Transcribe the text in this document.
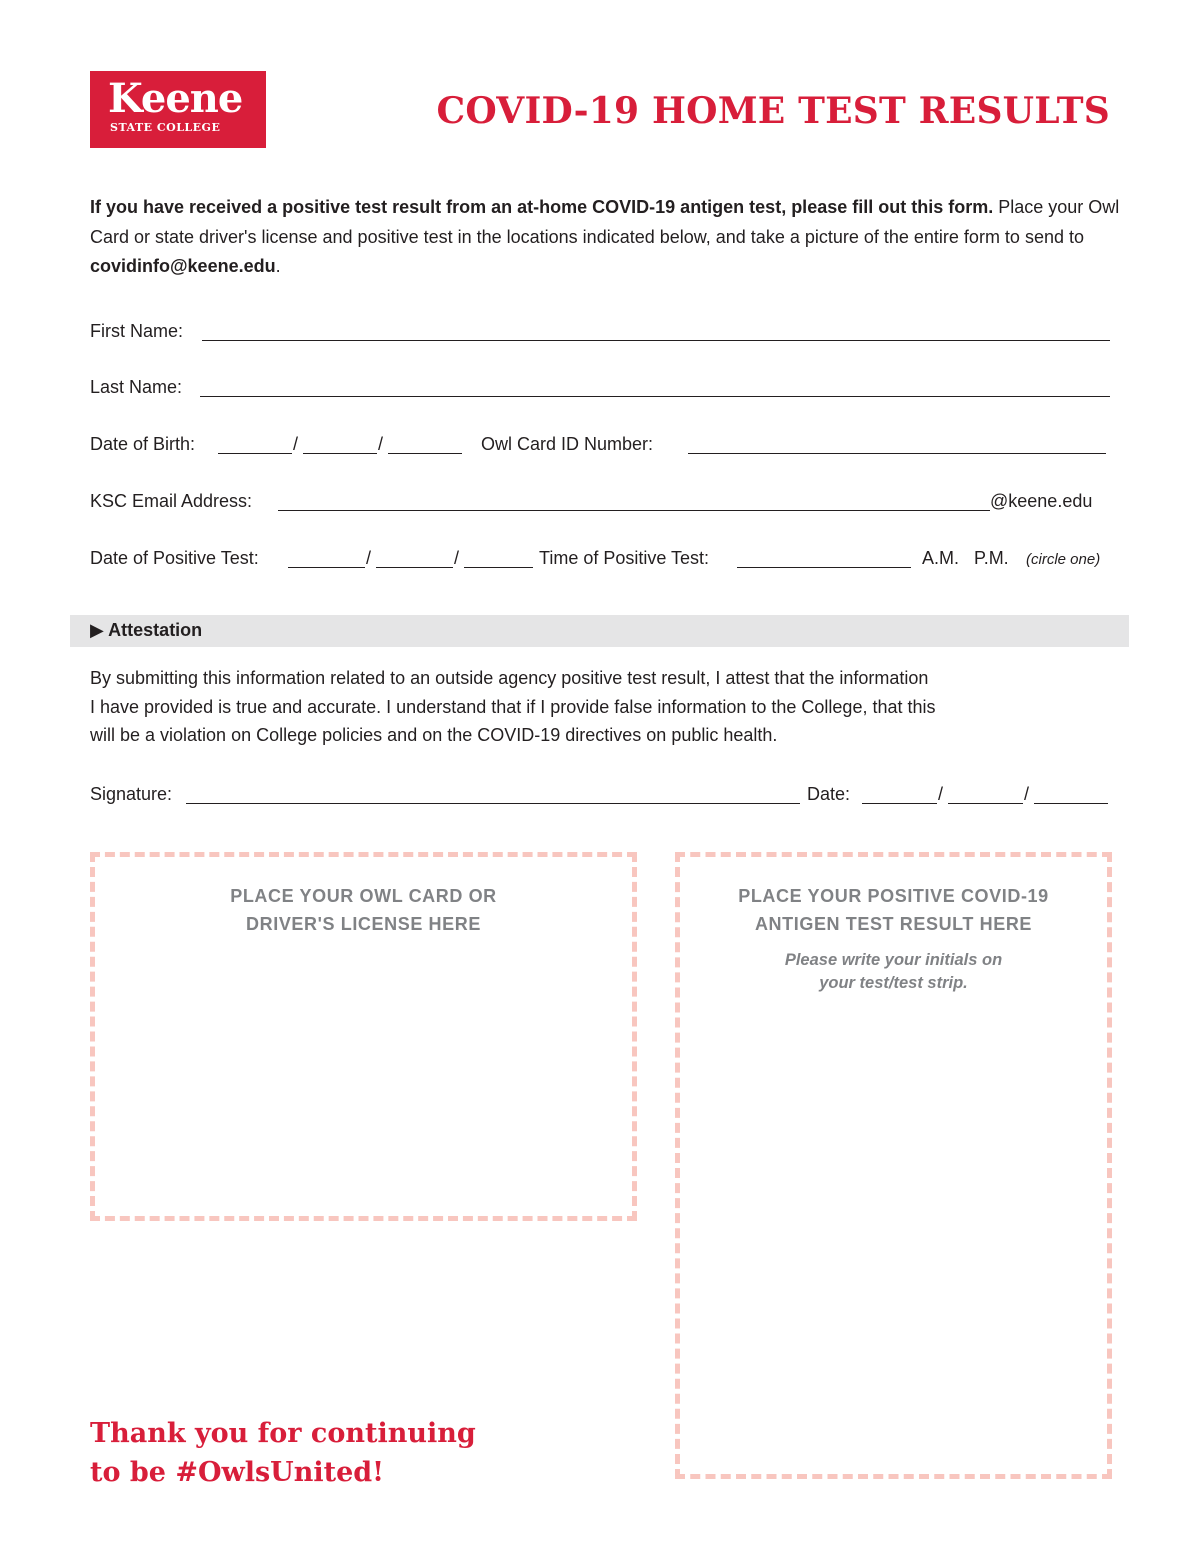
Keene
STATE COLLEGE	COVID-19 HOME TEST RESULTS

If you have received a positive test result from an at-home COVID-19 antigen test, please fill out this form. Place your Owl Card or state driver's license and positive test in the locations indicated below, and take a picture of the entire form to send to covidinfo@keene.edu.

First Name:
Last Name:
Date of Birth:	/	/	Owl Card ID Number:
KSC Email Address:	@keene.edu
Date of Positive Test:	/	/	Time of Positive Test:	A.M.   P.M. (circle one)
▶ Attestation
By submitting this information related to an outside agency positive test result, I attest that the information
I have provided is true and accurate. I understand that if I provide false information to the College, that this
will be a violation on College policies and on the COVID-19 directives on public health.
Signature:	Date:	/	/
PLACE YOUR OWL CARD OR
DRIVER'S LICENSE HERE
PLACE YOUR POSITIVE COVID-19
ANTIGEN TEST RESULT HERE
Please write your initials on
your test/test strip.
Thank you for continuing
to be #OwlsUnited!
